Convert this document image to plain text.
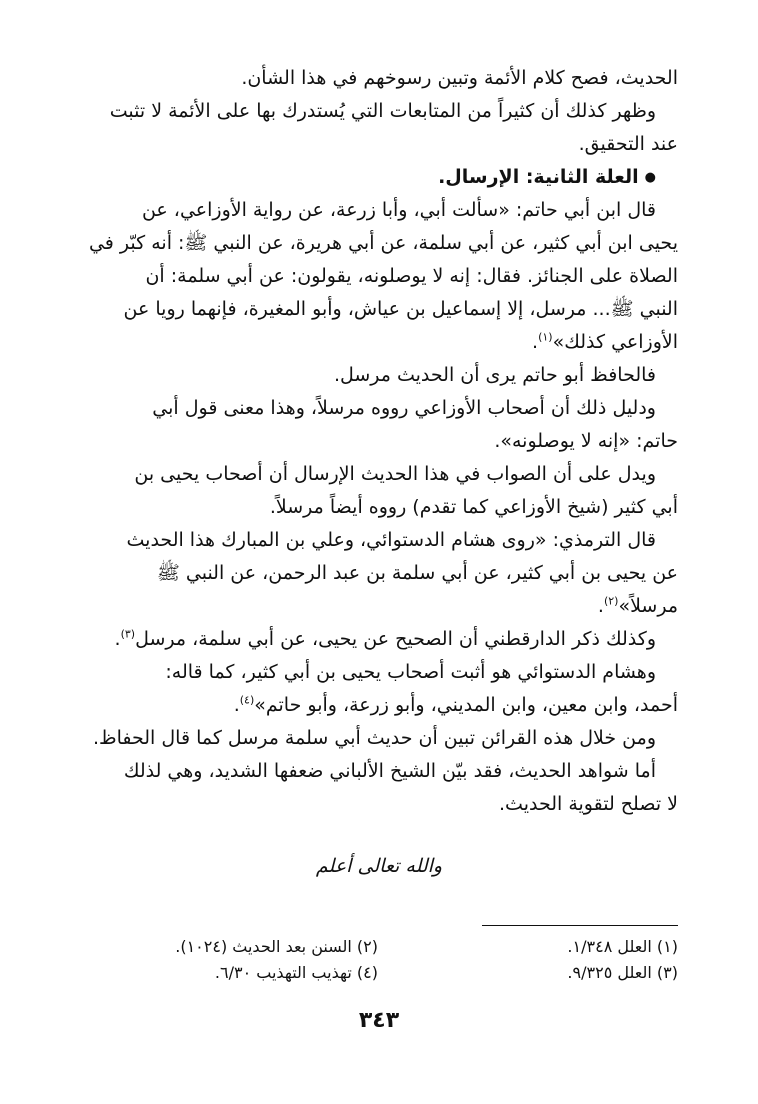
الحديث، فصح كلام الأئمة وتبين رسوخهم في هذا الشأن.
وظهر كذلك أن كثيراً من المتابعات التي يُستدرك بها على الأئمة لا تثبت
عند التحقيق.
●العلة الثانية: الإرسال.
قال ابن أبي حاتم: «سألت أبي، وأبا زرعة، عن رواية الأوزاعي، عن
يحيى ابن أبي كثير، عن أبي سلمة، عن أبي هريرة، عن النبي ﷺ: أنه كبّر في
الصلاة على الجنائز. فقال: إنه لا يوصلونه، يقولون: عن أبي سلمة: أن
النبي ﷺ... مرسل، إلا إسماعيل بن عياش، وأبو المغيرة، فإنهما رويا عن
الأوزاعي كذلك»$^{(١)}$.
فالحافظ أبو حاتم يرى أن الحديث مرسل.
ودليل ذلك أن أصحاب الأوزاعي رووه مرسلاً، وهذا معنى قول أبي
حاتم: «إنه لا يوصلونه».
ويدل على أن الصواب في هذا الحديث الإرسال أن أصحاب يحيى بن
أبي كثير (شيخ الأوزاعي كما تقدم) رووه أيضاً مرسلاً.
قال الترمذي: «روى هشام الدستوائي، وعلي بن المبارك هذا الحديث
عن يحيى بن أبي كثير، عن أبي سلمة بن عبد الرحمن، عن النبي ﷺ
مرسلاً»$^{(٢)}$.
وكذلك ذكر الدارقطني أن الصحيح عن يحيى، عن أبي سلمة، مرسل$^{(٣)}$.
وهشام الدستوائي هو أثبت أصحاب يحيى بن أبي كثير، كما قاله:
أحمد، وابن معين، وابن المديني، وأبو زرعة، وأبو حاتم»$^{(٤)}$.
ومن خلال هذه القرائن تبين أن حديث أبي سلمة مرسل كما قال الحفاظ.
أما شواهد الحديث، فقد بيّن الشيخ الألباني ضعفها الشديد، وهي لذلك
لا تصلح لتقوية الحديث.
والله تعالى أعلم
(١) العلل ١/٣٤٨.
(٢) السنن بعد الحديث (١٠٢٤).
(٣) العلل ٩/٣٢٥.
(٤) تهذيب التهذيب ٦/٣٠.
٣٤٣
